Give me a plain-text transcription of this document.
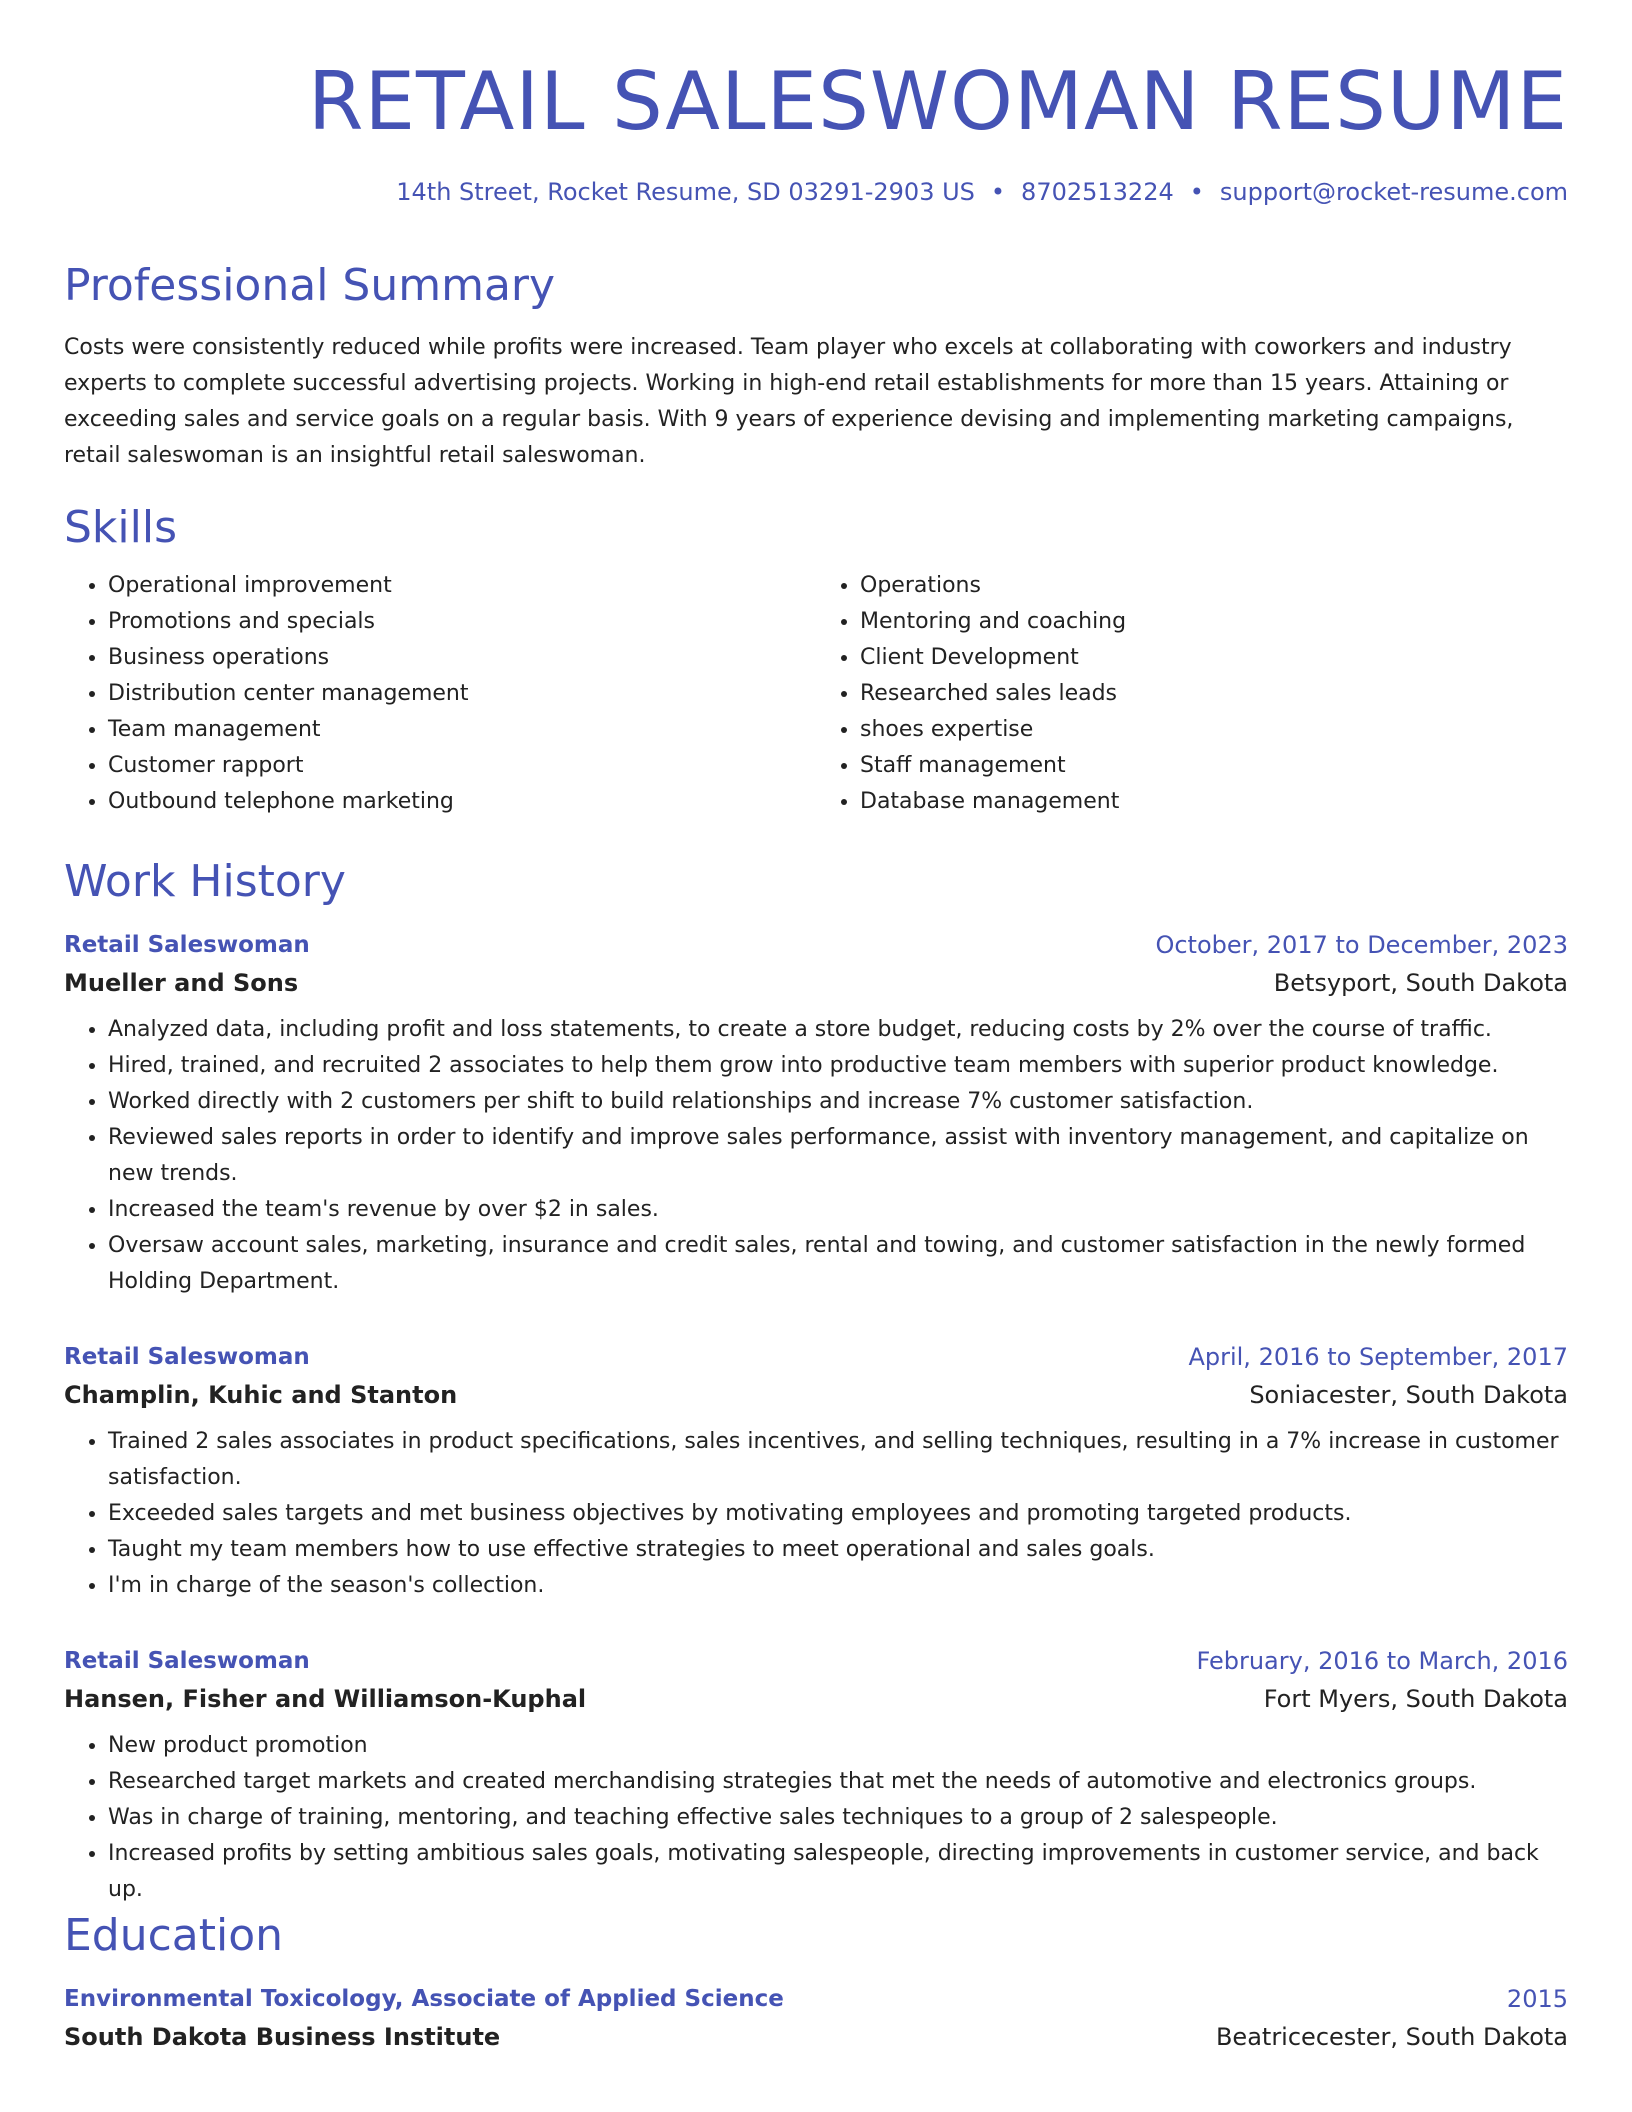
RETAIL SALESWOMAN RESUME
14th Street, Rocket Resume, SD 03291-2903 US • 8702513224 • support@rocket-resume.com
Professional Summary

Costs were consistently reduced while profits were increased. Team player who excels at collaborating with coworkers and industry experts to complete successful advertising projects. Working in high-end retail establishments for more than 15 years. Attaining or exceeding sales and service goals on a regular basis. With 9 years of experience devising and implementing marketing campaigns, retail saleswoman is an insightful retail saleswoman.

Skills
• Operational improvement
• Promotions and specials
• Business operations
• Distribution center management
• Team management
• Customer rapport
• Outbound telephone marketing
• Operations
• Mentoring and coaching
• Client Development
• Researched sales leads
• shoes expertise
• Staff management
• Database management
Work History
Retail Saleswoman	October, 2017 to December, 2023
Mueller and Sons	Betsyport, South Dakota
• Analyzed data, including profit and loss statements, to create a store budget, reducing costs by 2% over the course of traffic.
• Hired, trained, and recruited 2 associates to help them grow into productive team members with superior product knowledge.
• Worked directly with 2 customers per shift to build relationships and increase 7% customer satisfaction.
• Reviewed sales reports in order to identify and improve sales performance, assist with inventory management, and capitalize on new trends.
• Increased the team's revenue by over $2 in sales.
• Oversaw account sales, marketing, insurance and credit sales, rental and towing, and customer satisfaction in the newly formed Holding Department.
Retail Saleswoman	April, 2016 to September, 2017
Champlin, Kuhic and Stanton	Soniacester, South Dakota
• Trained 2 sales associates in product specifications, sales incentives, and selling techniques, resulting in a 7% increase in customer satisfaction.
• Exceeded sales targets and met business objectives by motivating employees and promoting targeted products.
• Taught my team members how to use effective strategies to meet operational and sales goals.
• I'm in charge of the season's collection.
Retail Saleswoman	February, 2016 to March, 2016
Hansen, Fisher and Williamson-Kuphal	Fort Myers, South Dakota
• New product promotion
• Researched target markets and created merchandising strategies that met the needs of automotive and electronics groups.
• Was in charge of training, mentoring, and teaching effective sales techniques to a group of 2 salespeople.
• Increased profits by setting ambitious sales goals, motivating salespeople, directing improvements in customer service, and back up.
Education
Environmental Toxicology, Associate of Applied Science	2015
South Dakota Business Institute	Beatricecester, South Dakota
